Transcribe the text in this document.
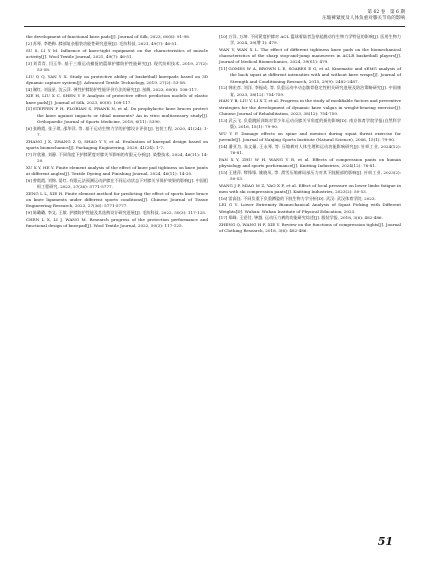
第 62 卷　第 6 期
压缩裤紧度及人体负重对膝关节角的影响
the development of functional knee pads[J]. Journal of Silk, 2023, 60(8): 91-98.
[2]苏琴, 李艳梅. 膝部复杂服装功能性研究进展[J]. 毛纺科技, 2021, 49(7): 46-51.
SU S, LI Y M. Influence of knee-tight equipment on the characteristics of muscle activity[J]. Wool Textile Journal, 2021, 49(7): 46-51.
[3]刘青青, 闫玉华. 基于三维运动捕捉的篮球护膝防护性能研究[J]. 现代纺织技术, 2019, 27(2): 53-58.
LIU Q Q, YAN Y X. Study on protective ability of basketball kneepads based on 3D dynamic capture system[J]. Advanced Textile Technology, 2019, 27(2): 53-58.
[4]谢红, 刘显星, 沈云萍. 弹性护膝防护性能评价方法的研究[J]. 丝绸, 2023, 60(8): 108-117.
XIE H, LIU X C, SHEN Y P. Analysis of protective effect prediction models of elastic knee pads[J]. Journal of Silk, 2023, 60(8): 108-117.
[5]STEFFEN P H, FLORIAN S, FRANK N, et al. Do prophylactic knee braces protect the knee against impacts or tibial moments? An in vitro multisensory study[J]. Orthopaedic Journal of Sports Medicine, 2018, 6(11): 5390.
[6]张梅霞, 张子琪, 邵华洋, 等. 基于运动生物力学的护膝设计评价[J]. 包装工程, 2020, 41(24): 1-7.
ZHANG J X, ZHANG Z Q, SHAO Y Y, et al. Evaluation of kneepad design based on sports biomechanics[J]. Packaging Engineering, 2020, 41(24): 1-7.
[7]许欣雅, 刘静. 不同角度下护膝紧度对膝关节影响的有限元分析[J]. 染整技术, 2024, 46(11): 14-20.
XU X Y, HE Y. Finite element analysis of the effect of knee pad tightness on knee joints at different angles[J]. Textile Dyeing and Finishing Journal, 2024, 46(11): 14-20.
[8]曾霞霞, 刘锦, 晏红. 有限元法预测运动护膝在不同运动状态下对膝关节保护效果的影响[J]. 中国组织工程研究, 2023, 27(36): 5771-5777.
ZENG L L, XIE H. Finite element method for predicting the effect of sports knee brace on knee ligaments under different sports conditions[J]. Chinese Journal of Tissue Engineering Research, 2023, 27(36): 5771-5777.
[9]陈璐璐, 李文, 王敏. 护膝防护性能及其选购设计研究进展[J]. 毛纺科技, 2022, 50(3): 117-125.
CHEN L X, LI J, WANG M. Research progress of the protection performance and functional design of kneepad[J]. Wool Textile Journal, 2022, 50(3): 117-125.
[10]万洋, 万坤. 不同紧度护膝对 ACL 篮球着陆者急停起跳动作生物力学特征的影响[J]. 医用生物力学, 2024, 39(增 1): 479.
WAN Y, WAN X L. The effect of different tightness knee pads on the biomechanical characteristics of the sharp stop-and-jump maneuvers in ACLR basketball players[J]. Journal of Medical Biomechanics, 2024, 39(S1): 479.
[11]GOMES W A, BROWN L E, SOARES E G, et al. Kinematic and sEMG analysis of the back squat at different intensities with and without knee wraps[J]. Journal of Strength and Conditioning Research, 2015, 29(9): 2482-2487.
[12]韩宏彦, 刘洋, 李振成, 等. 负重运动中动态髌骨稳定性相关研究进展及防治策略研究[J]. 中国康复, 2023, 38(12): 754-759.
HAN Y B, LIU Y, LI X T, et al. Progress in the study of modifiable factors and preventive strategies for the development of dynamic knee valgus in weight-bearing exercise[J]. Chinese Journal of Rehabilitation, 2023, 38(12): 754-759.
[13]武云飞. 负重跳跃训练对青少年运动员膝关节角度的损伤影响[D]. 南京体育学院学报(自然科学版), 2016, 15(1): 79-90.
WU Y F. Damage effects on spine and menisci during squat threat exercise for juvenile[J]. Journal of Nanjing Sports Institute (Natural Science), 2006, 15(1): 79-90.
[14]潘亚为, 朱文量, 王永琴, 等. 压缩裤对人体生理和运动功能影响研究[J]. 针织工业, 2024(12): 76-81.
PAN X Y, ZHU W H, WANG Y R, et al. Effects of compression pants on human physiology and sports performance[J]. Knitting Industries, 2024(12): 76-81.
[15]王建萍, 缪锋锋, 姚晓凤, 等. 滑雪压缩裤局部压力对其下肢腿部的影响[J]. 针织工业, 2023(2): 50-53.
WANG J P, MIAO M Z, YAO X F, et al. Effect of local pressure on lower limbs fatigue in men with ski compression pants[J]. Knitting Industries, 2023(2): 50-53.
[16]雷高钰. 不同负重下负重蹲姿的下肢生物力学分析[D]. 武汉: 武汉体育学院, 2023.
LEI G Y. Lower Extremity Biomechanical Analysis of Squat Picking with Different Weights[D]. Wuhan: Wuhan Institute of Physical Education, 2023.
[17]郑峰, 王党付, 钟越. 运动压力裤的功能研究综述[J]. 服装学报, 2018, 3(6): 482-486.
ZHENG Q, WANG H F, XIE Y. Review on the functions of compression tights[J]. Journal of Clothing Research, 2018, 3(6): 482-486.
51
